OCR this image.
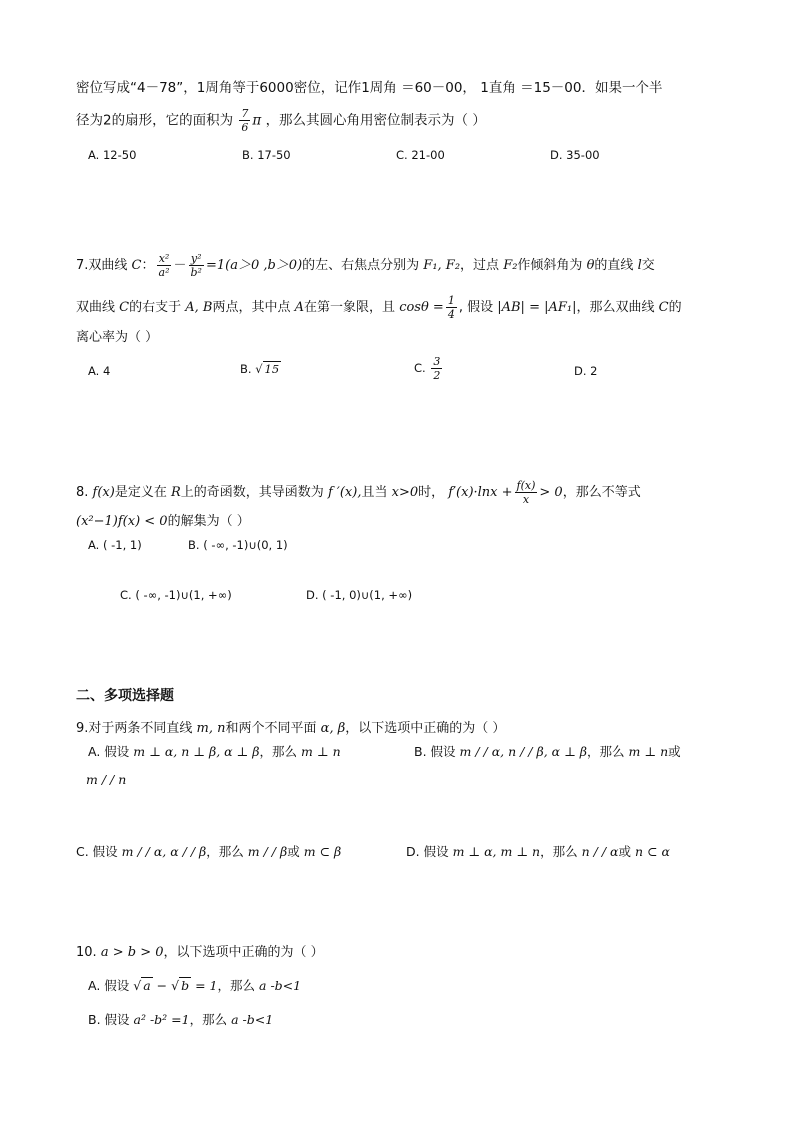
密位写成“4－78”，1周角等于6000密位，记作1周角 ＝60－00， 1直角 ＝15－00．如果一个半
径为2的扇形，它的面积为 $\frac{7}{6}$ π ，那么其圆心角用密位制表示为（ ）
A. 12-50	B. 17-50	C. 21-00	D. 35-00
7.双曲线 C： $\frac{\text{x²}}{\text{a²}} - \frac{\text{y²}}{\text{b²}} =1(a>0$ ,b＞0)的左、右焦点分别为 F₁, F₂，过点 F₂作倾斜角为 θ的直线 l交
双曲线 C的右支于 A, B两点，其中点 A在第一象限，且 $\cos\theta = \frac{1}{4}$ , 假设 |AB| = |AF₁|，那么双曲线 C的
离心率为（ ）
A. 4	B. √ 15	C. $\frac{3}{2}$	D. 2
8. f(x)是定义在 R上的奇函数，其导函数为 f ′(x),且当 x>0时， $f'(x)\cdot\ln x + \frac{f(x)}{x} > 0$，那么不等式
(x²−1)f(x) < 0的解集为（ ）
A. ( -1, 1)	B. ( -∞, -1)∪(0, 1)
C. ( -∞, -1)∪(1, +∞)	D. ( -1, 0)∪(1, +∞)
二、多项选择题
9.对于两条不同直线 m, n和两个不同平面 α, β，以下选项中正确的为（ ）
A. 假设 m ⊥ α, n ⊥ β, α ⊥ β，那么 m ⊥ n	B. 假设 m / / α, n / / β, α ⊥ β，那么 m ⊥ n或
m / / n
C. 假设 m / / α, α / / β，那么 m / / β或 m ⊂ β	D. 假设 m ⊥ α, m ⊥ n，那么 n / / α或 n ⊂ α
10. a > b > 0，以下选项中正确的为（ ）
A. 假设 √ a − √ b = 1，那么 a -b<1
B. 假设 a² -b² =1，那么 a -b<1
